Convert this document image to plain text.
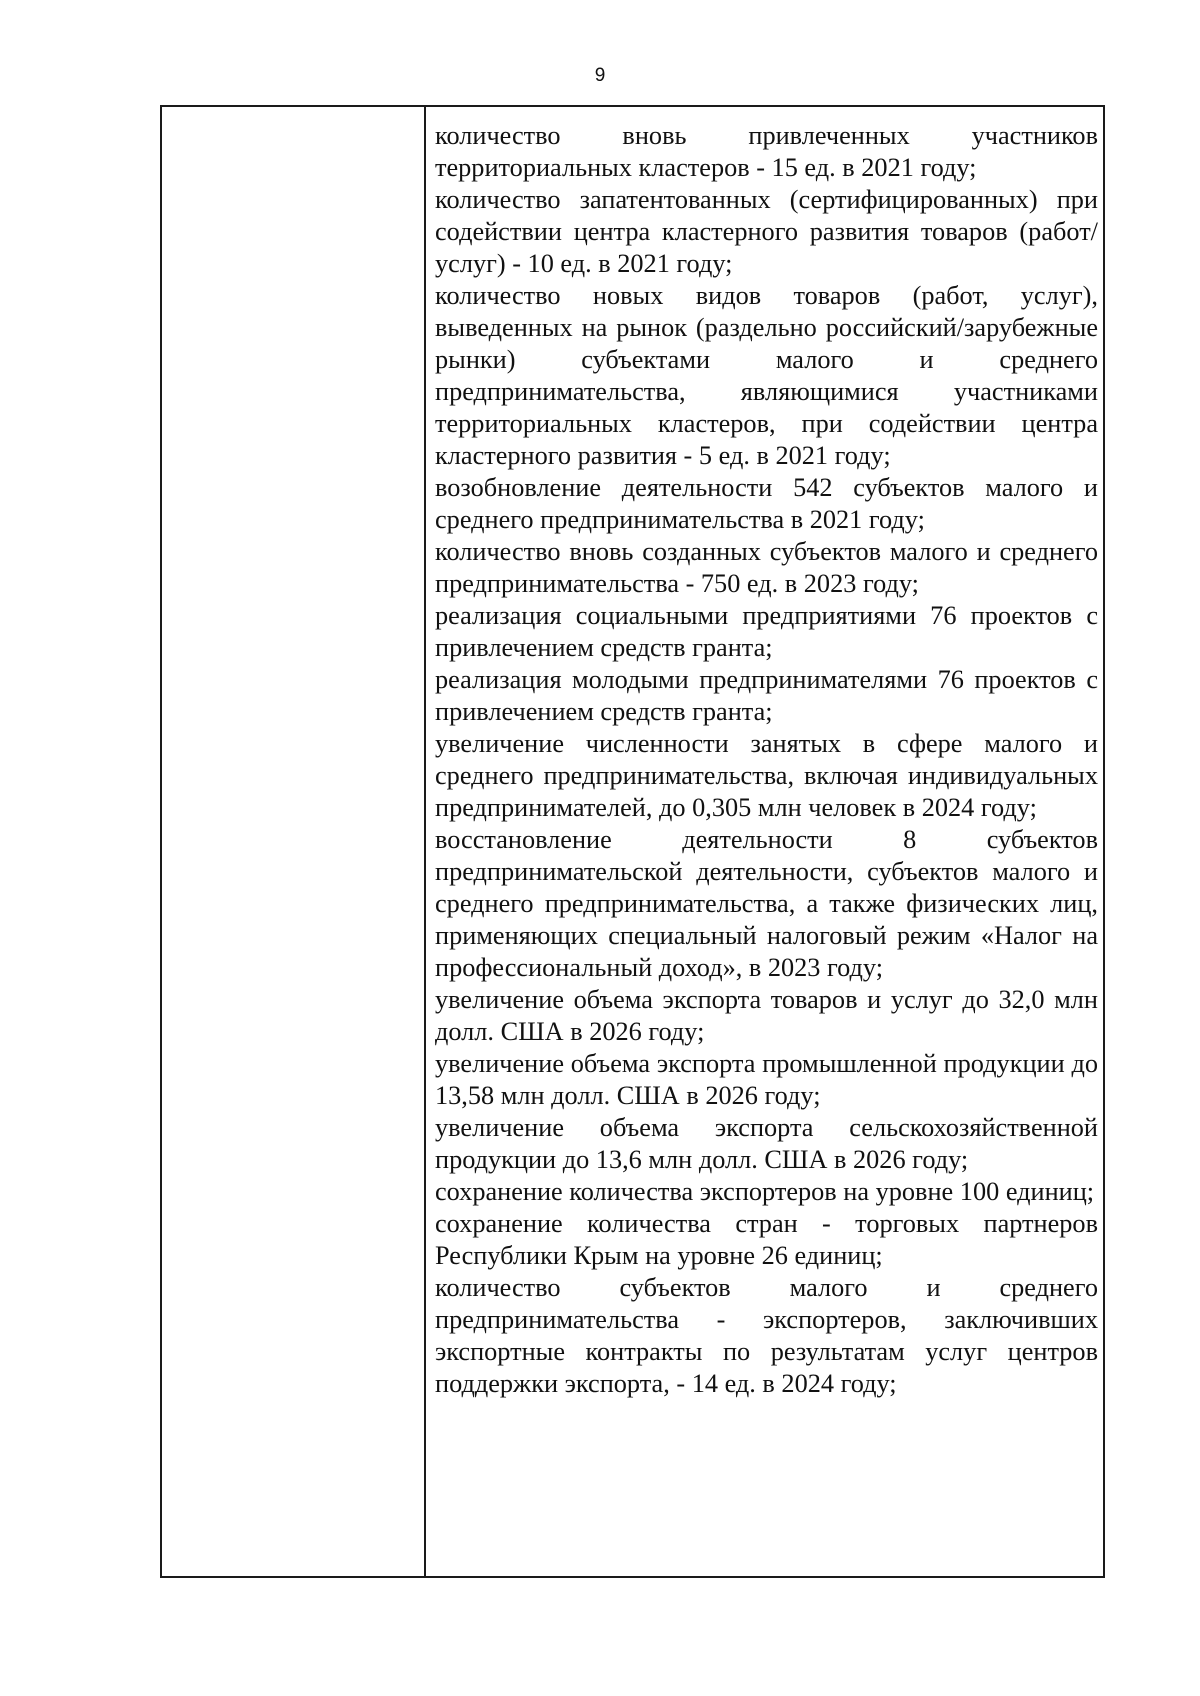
9

количество вновь привлеченных участников территориальных кластеров - 15 ед. в 2021 году;

количество запатентованных (сертифицированных) при содействии центра кластерного развития товаров (работ/услуг) - 10 ед. в 2021 году;

количество новых видов товаров (работ, услуг), выведенных на рынок (раздельно российский/зарубежные рынки) субъектами малого и среднего предпринимательства, являющимися участниками территориальных кластеров, при содействии центра кластерного развития - 5 ед. в 2021 году;

возобновление деятельности 542 субъектов малого и среднего предпринимательства в 2021 году;

количество вновь созданных субъектов малого и среднего предпринимательства - 750 ед. в 2023 году;

реализация социальными предприятиями 76 проектов с привлечением средств гранта;

реализация молодыми предпринимателями 76 проектов с привлечением средств гранта;

увеличение численности занятых в сфере малого и среднего предпринимательства, включая индивидуальных предпринимателей, до 0,305 млн человек в 2024 году;

восстановление деятельности 8 субъектов предпринимательской деятельности, субъектов малого и среднего предпринимательства, а также физических лиц, применяющих специальный налоговый режим «Налог на профессиональный доход», в 2023 году;

увеличение объема экспорта товаров и услуг до 32,0 млн долл. США в 2026 году;

увеличение объема экспорта промышленной продукции до 13,58 млн долл. США в 2026 году;

увеличение объема экспорта сельскохозяйственной продукции до 13,6 млн долл. США в 2026 году;

сохранение количества экспортеров на уровне 100 единиц;

сохранение количества стран - торговых партнеров Республики Крым на уровне 26 единиц;

количество субъектов малого и среднего предпринимательства - экспортеров, заключивших экспортные контракты по результатам услуг центров поддержки экспорта, - 14 ед. в 2024 году;
